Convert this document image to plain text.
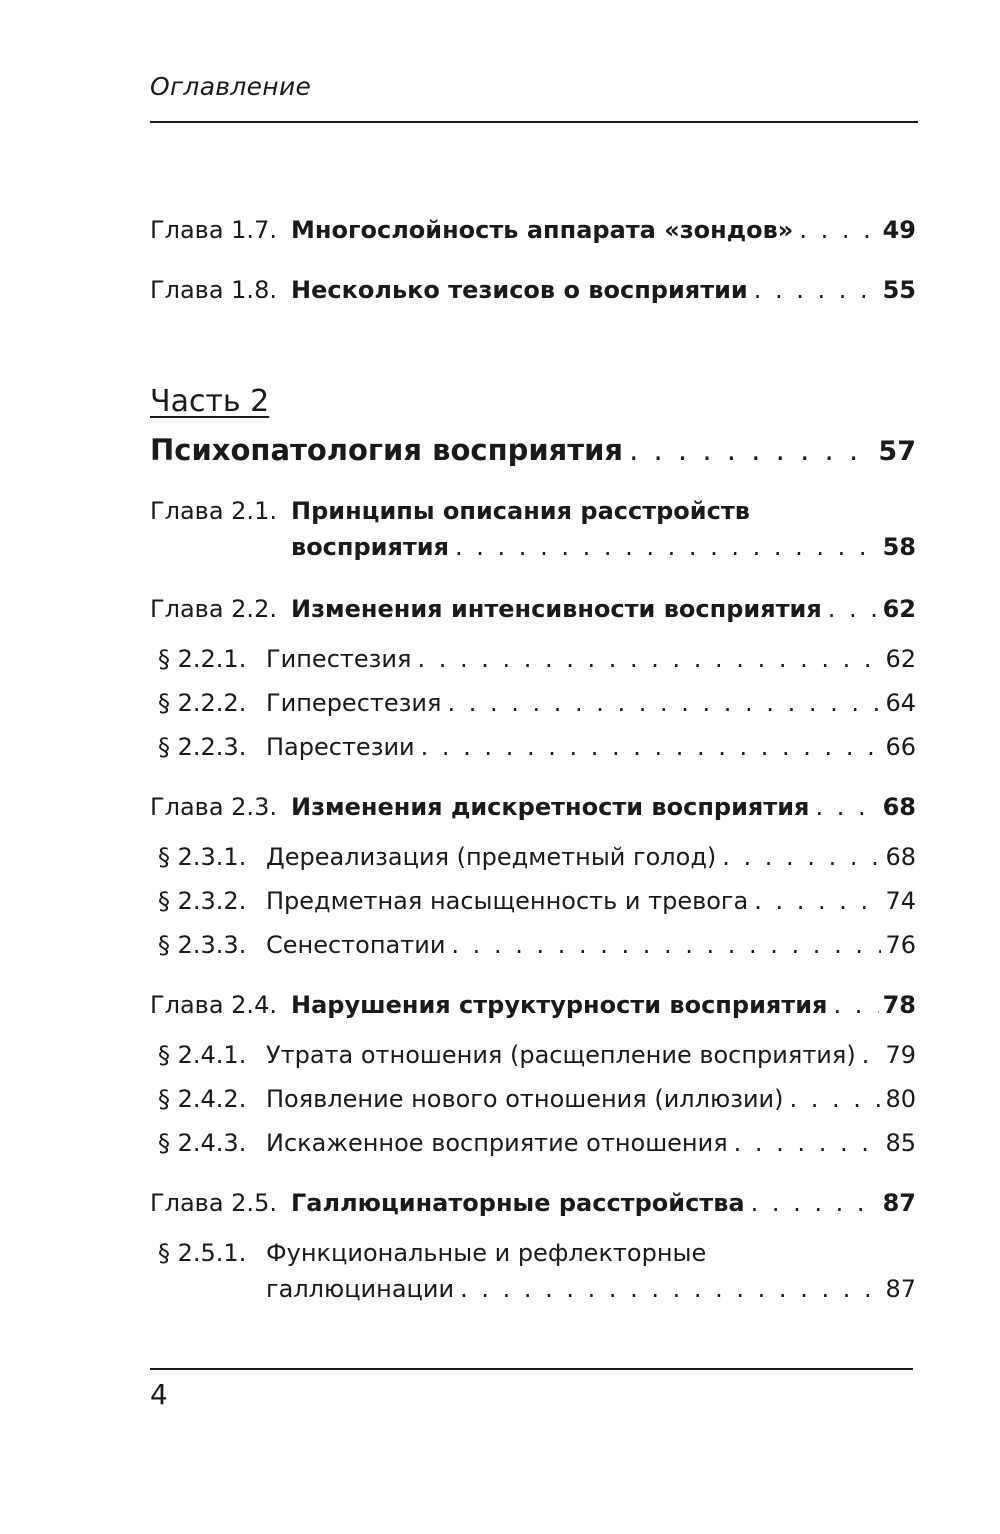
Оглавление
Глава 1.7. Многослойность аппарата «зондов» . . .	49
Глава 1.8. Несколько тезисов о восприятии . . .	55
Часть 2
Психопатология восприятия . . .	57
Глава 2.1. Принципы описания расстройств
восприятия . . .	58
Глава 2.2. Изменения интенсивности восприятия . . .	62
§ 2.2.1. Гипестезия . . .	62
§ 2.2.2. Гиперестезия . . .	64
§ 2.2.3. Парестезии . . .	66
Глава 2.3. Изменения дискретности восприятия . . .	68
§ 2.3.1. Дереализация (предметный голод) . . .	68
§ 2.3.2. Предметная насыщенность и тревога . . .	74
§ 2.3.3. Сенестопатии . . .	76
Глава 2.4. Нарушения структурности восприятия . . . 78
§ 2.4.1. Утрата отношения (расщепление восприятия) . . . 79
§ 2.4.2. Появление нового отношения (иллюзии) . . .	80
§ 2.4.3. Искаженное восприятие отношения . . .	85
Глава 2.5. Галлюцинаторные расстройства . . .	87
§ 2.5.1. Функциональные и рефлекторные
галлюцинации . . .	87
4
